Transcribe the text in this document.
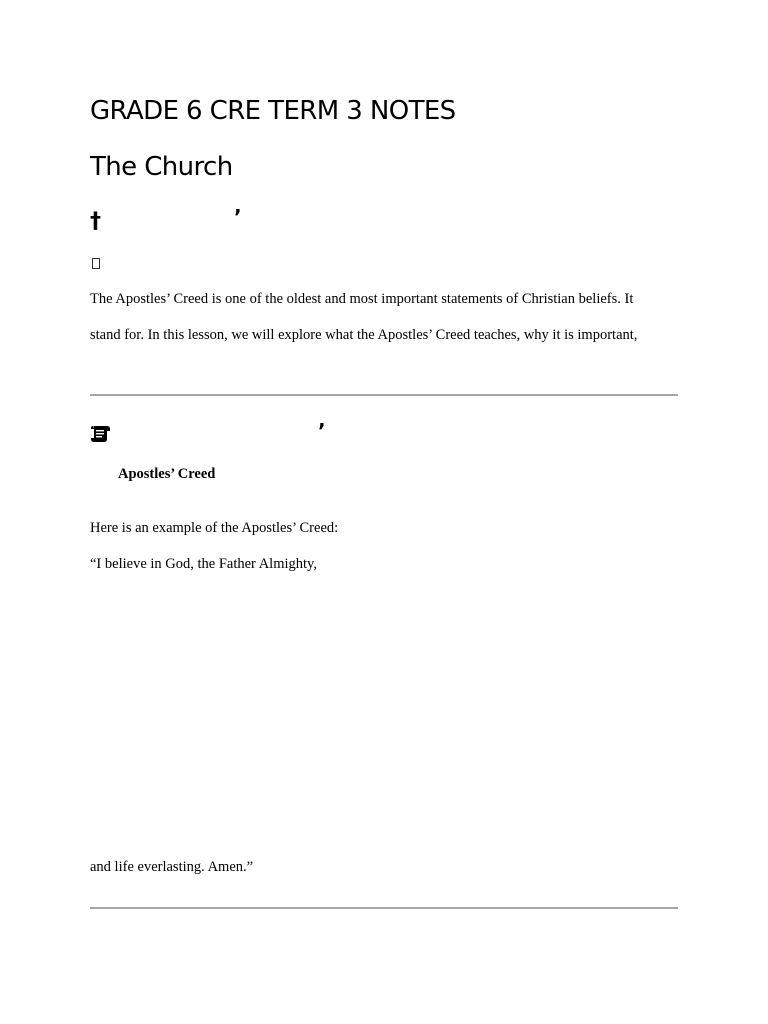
GRADE 6 CRE TERM 3 NOTES
The Church
†	’

The Apostles’ Creed is one of the oldest and most important statements of Christian beliefs. It

stand for. In this lesson, we will explore what the Apostles’ Creed teaches, why it is important,

’

Apostles’ Creed

Here is an example of the Apostles’ Creed:

“I believe in God, the Father Almighty,

and life everlasting. Amen.”
